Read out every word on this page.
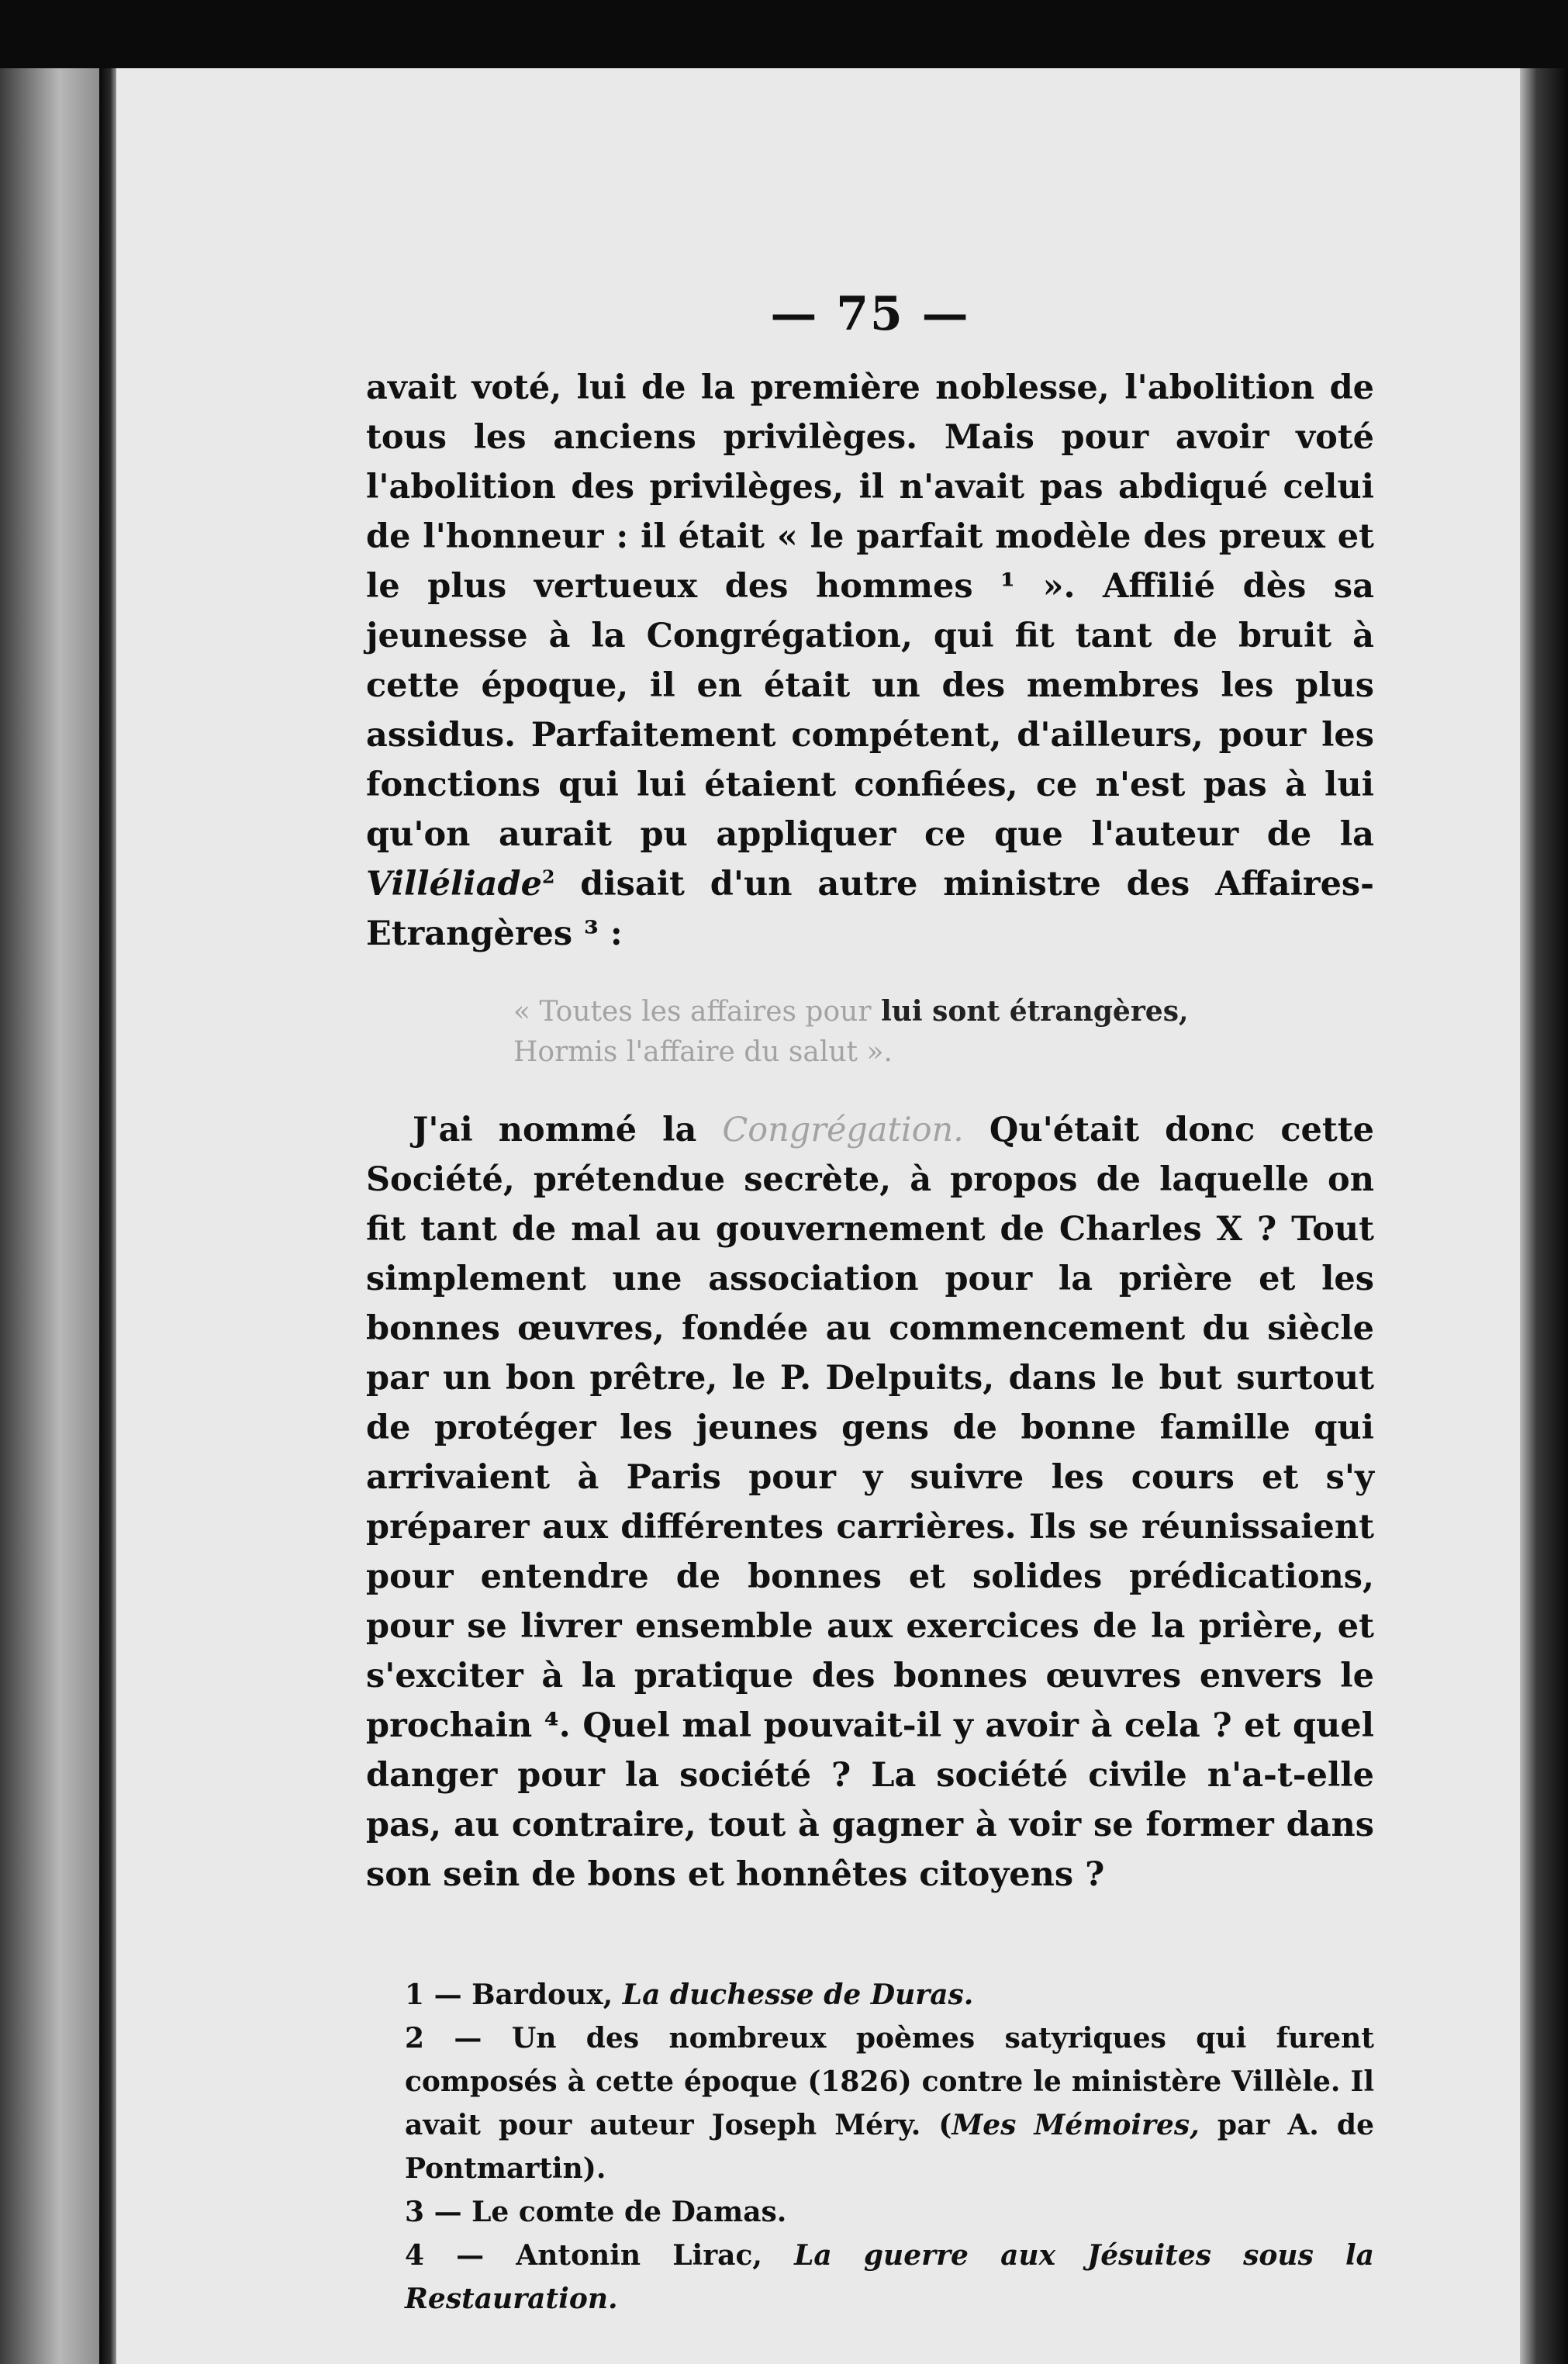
— 75 —

avait voté, lui de la première noblesse, l'abolition de tous les anciens privilèges. Mais pour avoir voté l'abolition des privilèges, il n'avait pas abdiqué celui de l'honneur : il était « le parfait modèle des preux et le plus vertueux des hommes ¹ ». Affilié dès sa jeunesse à la Congrégation, qui fit tant de bruit à cette époque, il en était un des membres les plus assidus. Parfaitement compétent, d'ailleurs, pour les fonctions qui lui étaient confiées, ce n'est pas à lui qu'on aurait pu appliquer ce que l'auteur de la Villéliade$^2$ disait d'un autre ministre des Affaires-Etrangères ³ :

« Toutes les affaires pour lui sont étrangères,
Hormis l'affaire du salut ».

J'ai nommé la Congrégation. Qu'était donc cette Société, prétendue secrète, à propos de laquelle on fit tant de mal au gouvernement de Charles X ? Tout simplement une association pour la prière et les bonnes œuvres, fondée au commencement du siècle par un bon prêtre, le P. Delpuits, dans le but surtout de protéger les jeunes gens de bonne famille qui arrivaient à Paris pour y suivre les cours et s'y préparer aux différentes carrières. Ils se réunissaient pour entendre de bonnes et solides prédications, pour se livrer ensemble aux exercices de la prière, et s'exciter à la pratique des bonnes œuvres envers le prochain ⁴. Quel mal pouvait-il y avoir à cela ? et quel danger pour la société ? La société civile n'a-t-elle pas, au contraire, tout à gagner à voir se former dans son sein de bons et honnêtes citoyens ?

1 — Bardoux, La duchesse de Duras.
2 — Un des nombreux poèmes satyriques qui furent composés à cette époque (1826) contre le ministère Villèle. Il avait pour auteur Joseph Méry. (Mes Mémoires, par A. de Pontmartin).
3 — Le comte de Damas.
4 — Antonin Lirac, La guerre aux Jésuites sous la Restauration.
